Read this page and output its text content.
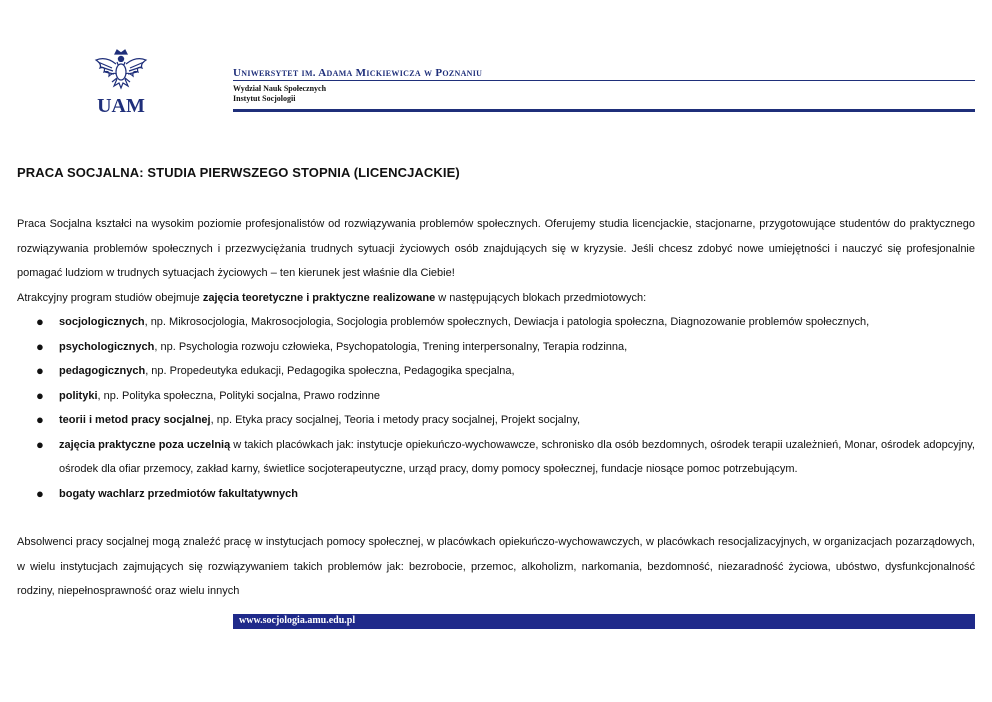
UAM
Uniwersytet im. Adama Mickiewicza w Poznaniu
Wydział Nauk Społecznych
Instytut Socjologii
PRACA SOCJALNA: STUDIA PIERWSZEGO STOPNIA (LICENCJACKIE)

Praca Socjalna kształci na wysokim poziomie profesjonalistów od rozwiązywania problemów społecznych. Oferujemy studia licencjackie, stacjonarne, przygotowujące studentów do praktycznego rozwiązywania problemów społecznych i przezwyciężania trudnych sytuacji życiowych osób znajdujących się w kryzysie. Jeśli chcesz zdobyć nowe umiejętności i nauczyć się profesjonalnie pomagać ludziom w trudnych sytuacjach życiowych – ten kierunek jest właśnie dla Ciebie!

Atrakcyjny program studiów obejmuje zajęcia teoretyczne i praktyczne realizowane w następujących blokach przedmiotowych:

● socjologicznych, np. Mikrosocjologia, Makrosocjologia, Socjologia problemów społecznych, Dewiacja i patologia społeczna, Diagnozowanie problemów społecznych,
● psychologicznych, np. Psychologia rozwoju człowieka, Psychopatologia, Trening interpersonalny, Terapia rodzinna,
● pedagogicznych, np. Propedeutyka edukacji, Pedagogika społeczna, Pedagogika specjalna,
● polityki, np. Polityka społeczna, Polityki socjalna, Prawo rodzinne
● teorii i metod pracy socjalnej, np. Etyka pracy socjalnej, Teoria i metody pracy socjalnej, Projekt socjalny,
● zajęcia praktyczne poza uczelnią w takich placówkach jak: instytucje opiekuńczo-wychowawcze, schronisko dla osób bezdomnych, ośrodek terapii uzależnień, Monar, ośrodek adopcyjny, ośrodek dla ofiar przemocy, zakład karny, świetlice socjoterapeutyczne, urząd pracy, domy pomocy społecznej, fundacje niosące pomoc potrzebującym.
● bogaty wachlarz przedmiotów fakultatywnych

Absolwenci pracy socjalnej mogą znaleźć pracę w instytucjach pomocy społecznej, w placówkach opiekuńczo-wychowawczych, w placówkach resocjalizacyjnych, w organizacjach pozarządowych, w wielu instytucjach zajmujących się rozwiązywaniem takich problemów jak: bezrobocie, przemoc, alkoholizm, narkomania, bezdomność, niezaradność życiowa, ubóstwo, dysfunkcjonalność rodziny, niepełnosprawność oraz wielu innych

www.socjologia.amu.edu.pl
